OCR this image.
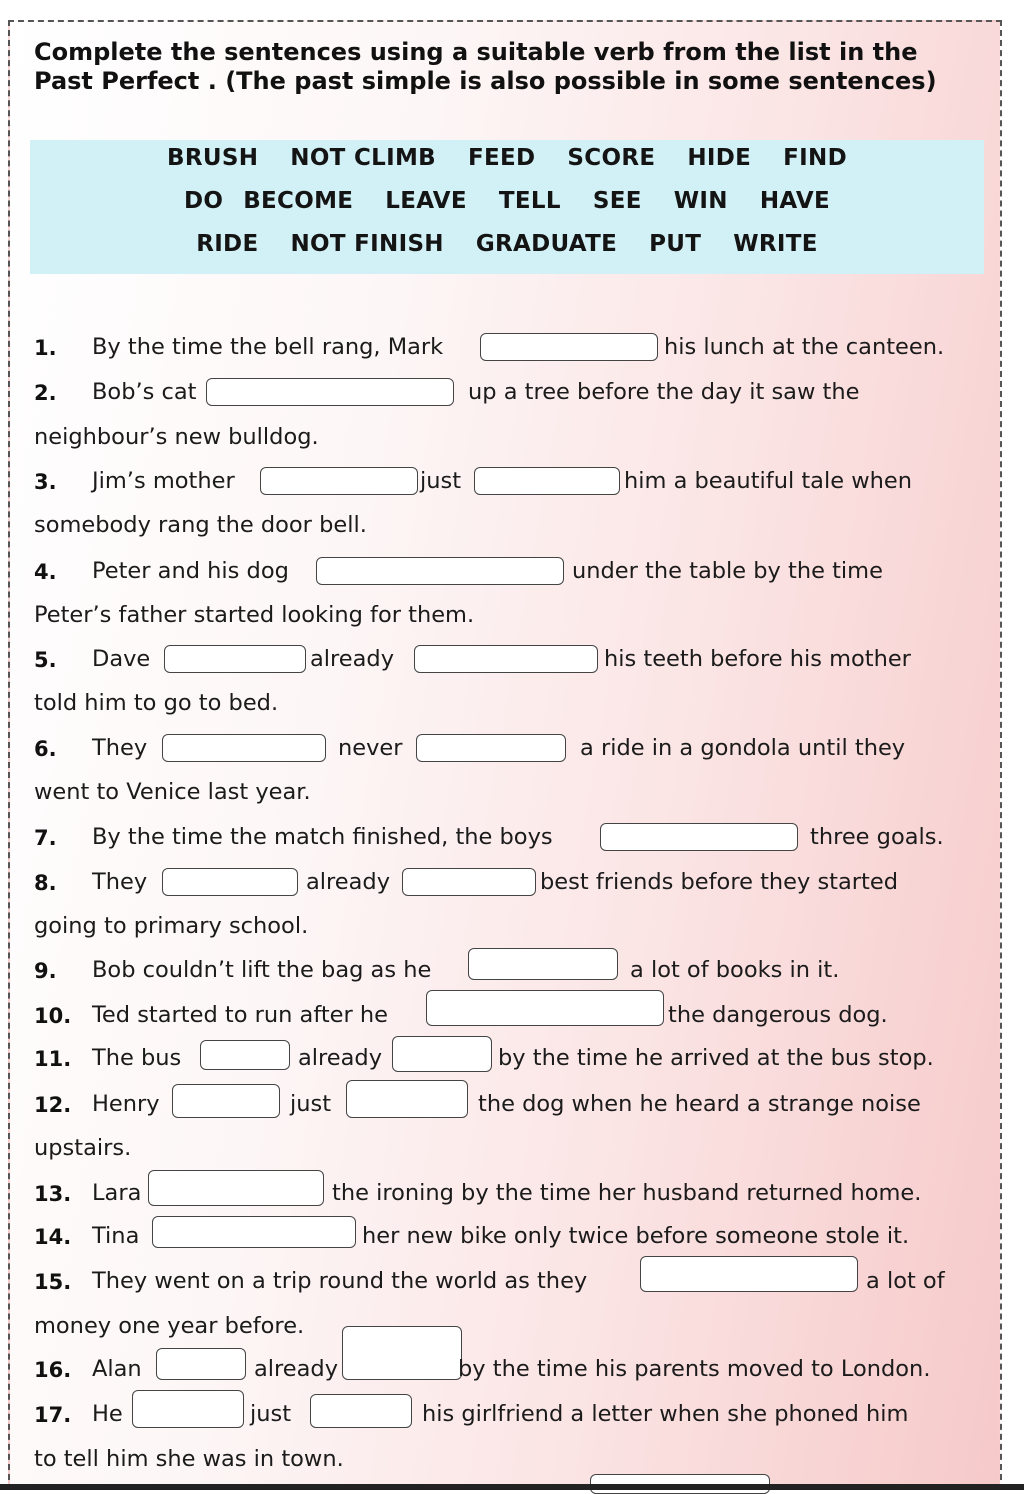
Complete the sentences using a suitable verb from the list in the
Past Perfect . (The past simple is also possible in some sentences)
BRUSH NOT CLIMB FEED SCORE HIDE FIND
DO BECOME LEAVE TELL SEE WIN HAVE
RIDE NOT FINISH GRADUATE PUT WRITE
1. By the time the bell rang, Mark	his lunch at the canteen.
2. Bob’s cat	up a tree before the day it saw the
neighbour’s new bulldog.
3. Jim’s mother	just	him a beautiful tale when
somebody rang the door bell.
4. Peter and his dog	under the table by the time
Peter’s father started looking for them.
5. Dave	already	his teeth before his mother
told him to go to bed.
6. They	never	a ride in a gondola until they
went to Venice last year.
7. By the time the match finished, the boys	three goals.
8. They	already	best friends before they started
going to primary school.
9. Bob couldn’t lift the bag as he	a lot of books in it.
10. Ted started to run after he	the dangerous dog.
11. The bus	already	by the time he arrived at the bus stop.
12. Henry	just	the dog when he heard a strange noise
upstairs.
13. Lara	the ironing by the time her husband returned home.
14. Tina	her new bike only twice before someone stole it.
15. They went on a trip round the world as they	a lot of
money one year before.
16. Alan	already	by the time his parents moved to London.
17. He	just	his girlfriend a letter when she phoned him
to tell him she was in town.
